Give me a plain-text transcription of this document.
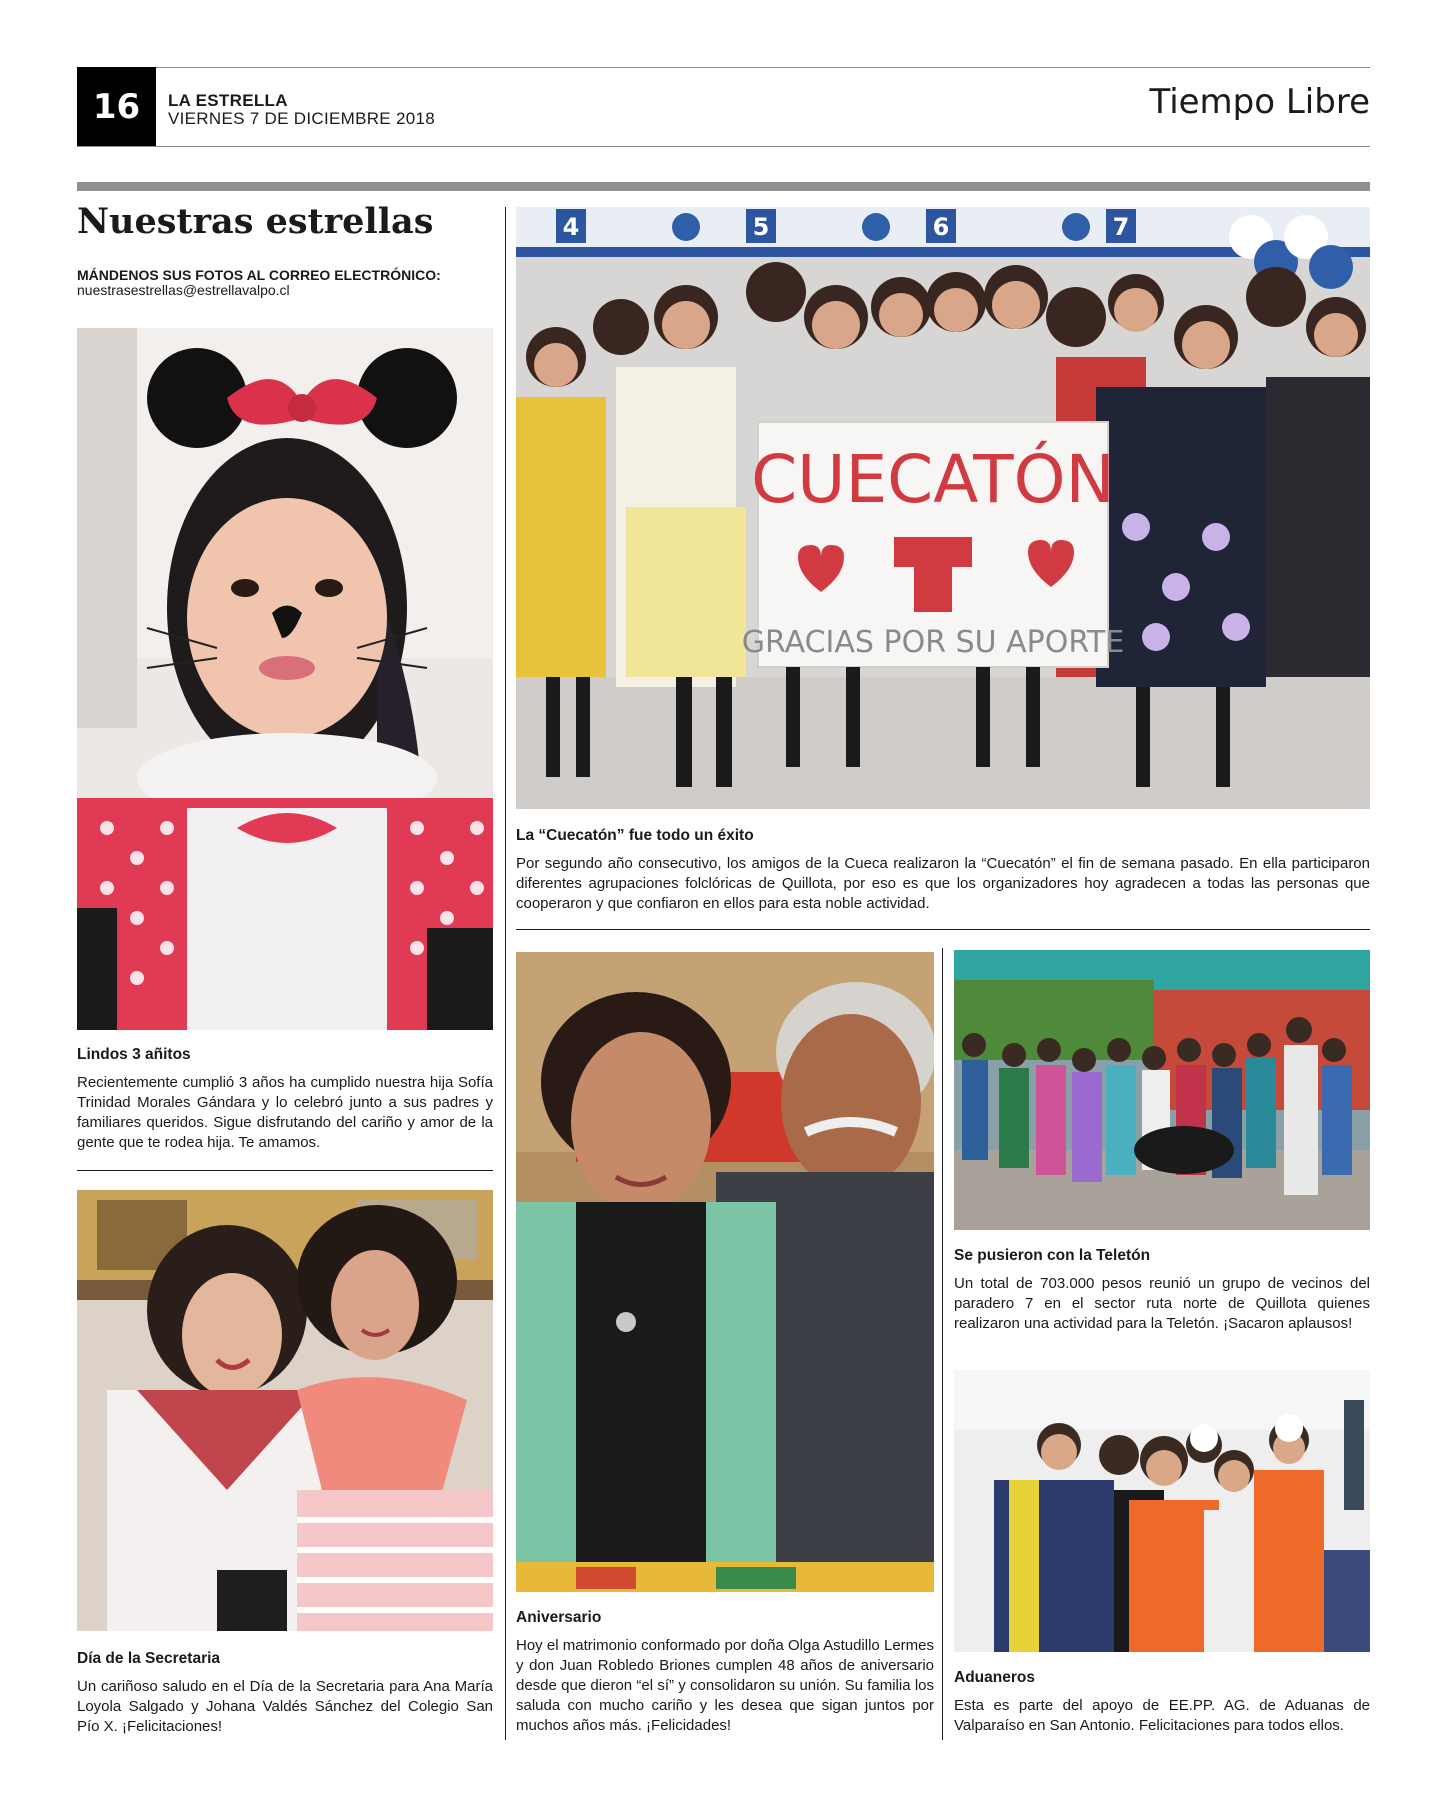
16	LA ESTRELLA
VIERNES 7 DE DICIEMBRE 2018	Tiempo Libre
Nuestras estrellas
MÁNDENOS SUS FOTOS AL CORREO ELECTRÓNICO:
nuestrasestrellas@estrellavalpo.cl
Lindos 3 añitos
Recientemente cumplió 3 años ha cumplido nuestra hija Sofía Trinidad Morales Gándara y lo celebró junto a sus padres y familiares queridos. Sigue disfrutando del cariño y amor de la gente que te rodea hija. Te amamos.
Día de la Secretaria
Un cariñoso saludo en el Día de la Secretaria para Ana María Loyola Salgado y Johana Valdés Sánchez del Colegio San Pío X. ¡Felicitaciones!
4	5	6	7
CUECATÓN
GRACIAS POR SU APORTE
La “Cuecatón” fue todo un éxito
Por segundo año consecutivo, los amigos de la Cueca realizaron la “Cuecatón” el fin de semana pasado. En ella participaron diferentes agrupaciones folclóricas de Quillota, por eso es que los organizadores hoy agradecen a todas las personas que cooperaron y que confiaron en ellos para esta noble actividad.
Aniversario
Hoy el matrimonio conformado por doña Olga Astudillo Lermes y don Juan Robledo Briones cumplen 48 años de aniversario desde que dieron “el sí” y consolidaron su unión. Su familia los saluda con mucho cariño y les desea que sigan juntos por muchos años más. ¡Felicidades!
Se pusieron con la Teletón
Un total de 703.000 pesos reunió un grupo de vecinos del paradero 7 en el sector ruta norte de Quillota quienes realizaron una actividad para la Teletón. ¡Sacaron aplausos!
Aduaneros
Esta es parte del apoyo de EE.PP. AG. de Aduanas de Valparaíso en San Antonio. Felicitaciones para todos ellos.
